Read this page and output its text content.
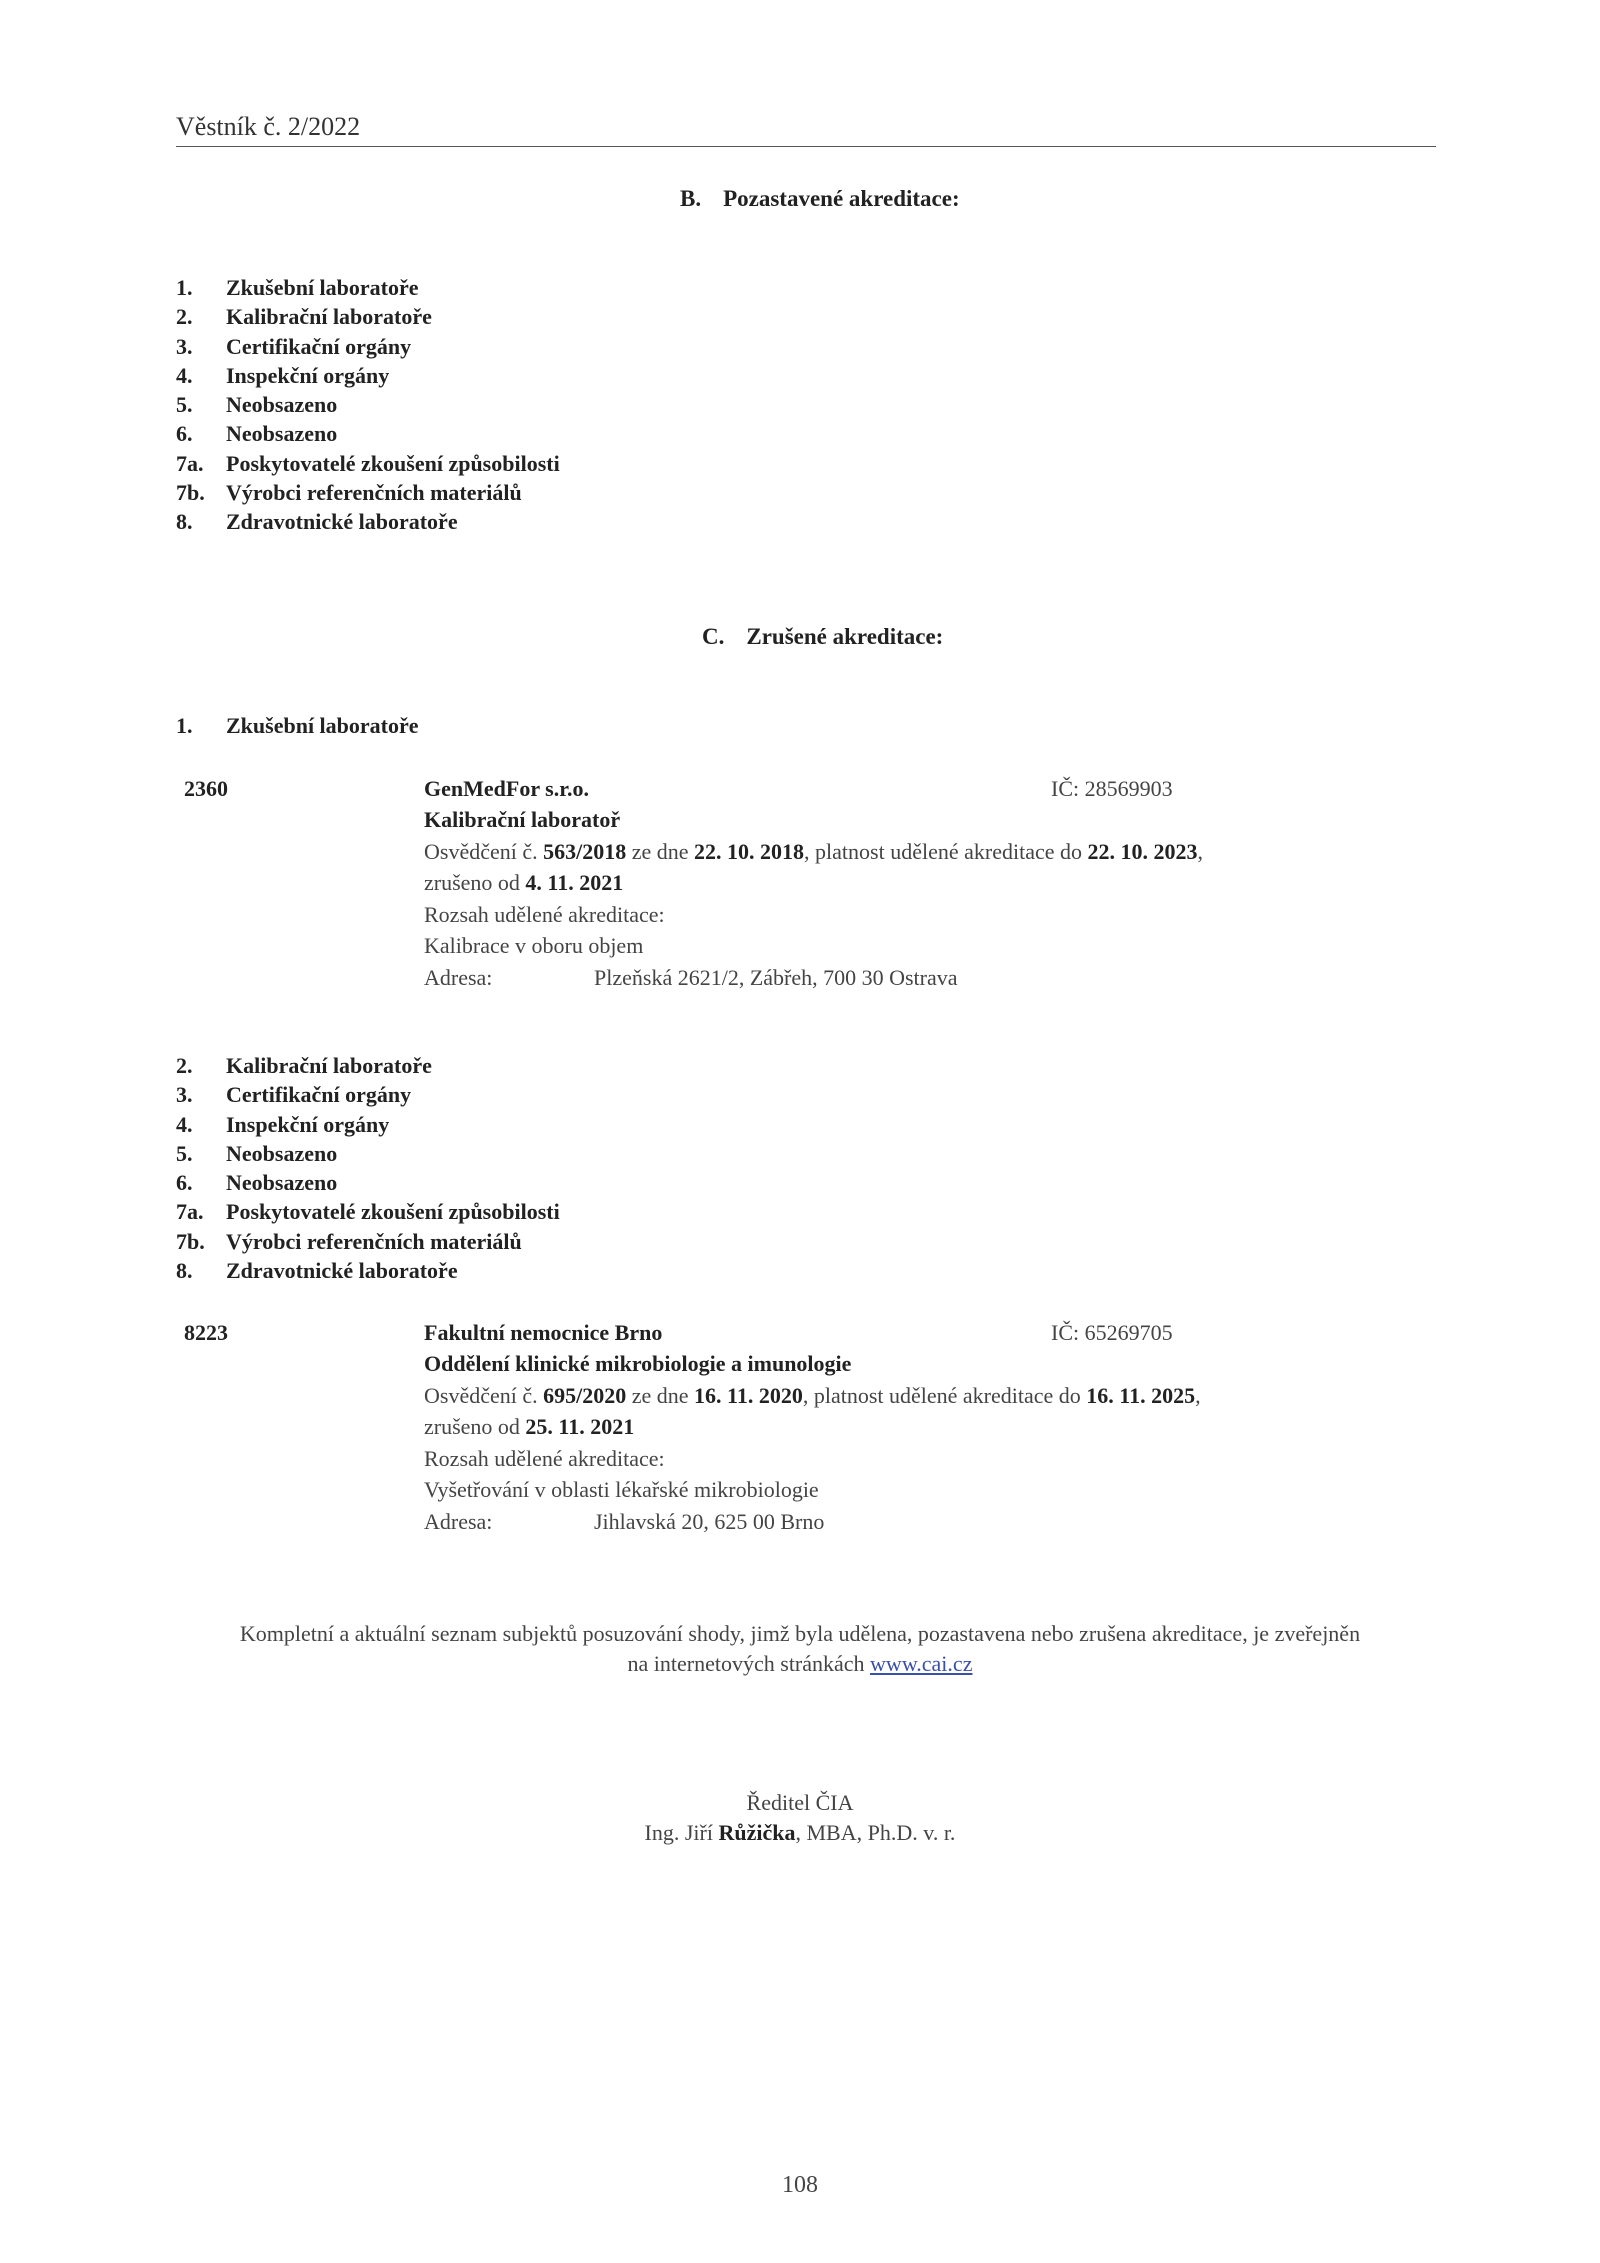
Věstník č. 2/2022
B. Pozastavené akreditace:
1. Zkušební laboratoře
2. Kalibrační laboratoře
3. Certifikační orgány
4. Inspekční orgány
5. Neobsazeno
6. Neobsazeno
7a. Poskytovatelé zkoušení způsobilosti
7b. Výrobci referenčních materiálů
8. Zdravotnické laboratoře
C. Zrušené akreditace:
1. Zkušební laboratoře
2360	GenMedFor s.r.o.	IČ: 28569903
Kalibrační laboratoř
Osvědčení č. 563/2018 ze dne 22. 10. 2018, platnost udělené akreditace do 22. 10. 2023,
zrušeno od 4. 11. 2021
Rozsah udělené akreditace:
Kalibrace v oboru objem
Adresa:	Plzeňská 2621/2, Zábřeh, 700 30 Ostrava
2. Kalibrační laboratoře
3. Certifikační orgány
4. Inspekční orgány
5. Neobsazeno
6. Neobsazeno
7a. Poskytovatelé zkoušení způsobilosti
7b. Výrobci referenčních materiálů
8. Zdravotnické laboratoře
8223	Fakultní nemocnice Brno	IČ: 65269705
Oddělení klinické mikrobiologie a imunologie
Osvědčení č. 695/2020 ze dne 16. 11. 2020, platnost udělené akreditace do 16. 11. 2025,
zrušeno od 25. 11. 2021
Rozsah udělené akreditace:
Vyšetřování v oblasti lékařské mikrobiologie
Adresa:	Jihlavská 20, 625 00 Brno
Kompletní a aktuální seznam subjektů posuzování shody, jimž byla udělena, pozastavena nebo zrušena akreditace, je zveřejněn
na internetových stránkách www.cai.cz
Ředitel ČIA
Ing. Jiří Růžička, MBA, Ph.D. v. r.
108
